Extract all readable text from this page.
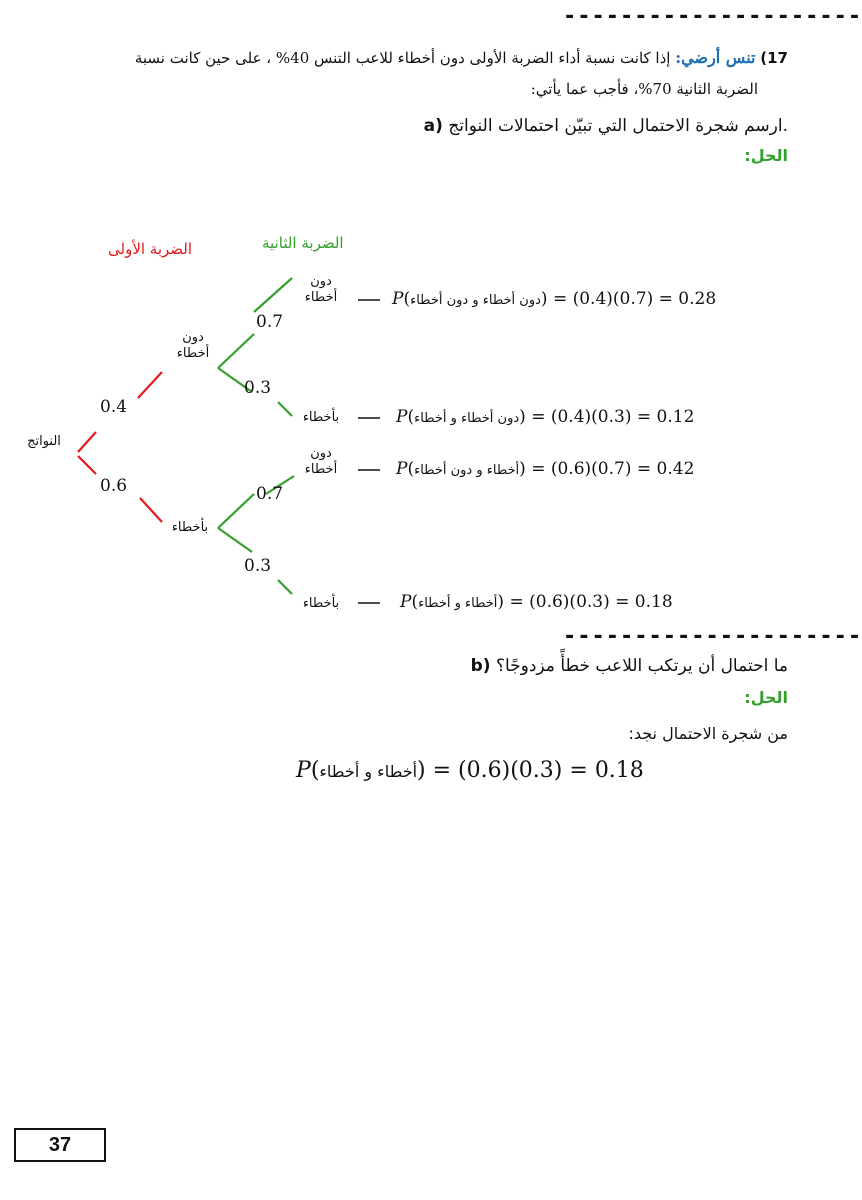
---------------------
17) تنس أرضي: إذا كانت نسبة أداء الضربة الأولى دون أخطاء للاعب التنس 40% ، على حين كانت نسبة
الضربة الثانية 70%، فأجب عما يأتي:
a) ارسم شجرة الاحتمال التي تبيّن احتمالات النواتج.
الحل:
الضربة الأولى	الضربة الثانية
النواتج
دون أخطاء
0.4
بأخطاء
0.6
دون أخطاء
0.7
بأخطاء
0.3
دون أخطاء
0.7
بأخطاء
0.3
P(دون أخطاء و دون أخطاء) = (0.4)(0.7) = 0.28
P(دون أخطاء و أخطاء) = (0.4)(0.3) = 0.12
P(أخطاء و دون أخطاء) = (0.6)(0.7) = 0.42
P(أخطاء و أخطاء) = (0.6)(0.3) = 0.18
---------------------
b) ما احتمال أن يرتكب اللاعب خطأً مزدوجًا؟
الحل:
من شجرة الاحتمال نجد:
P(أخطاء و أخطاء) = (0.6)(0.3) = 0.18
37
